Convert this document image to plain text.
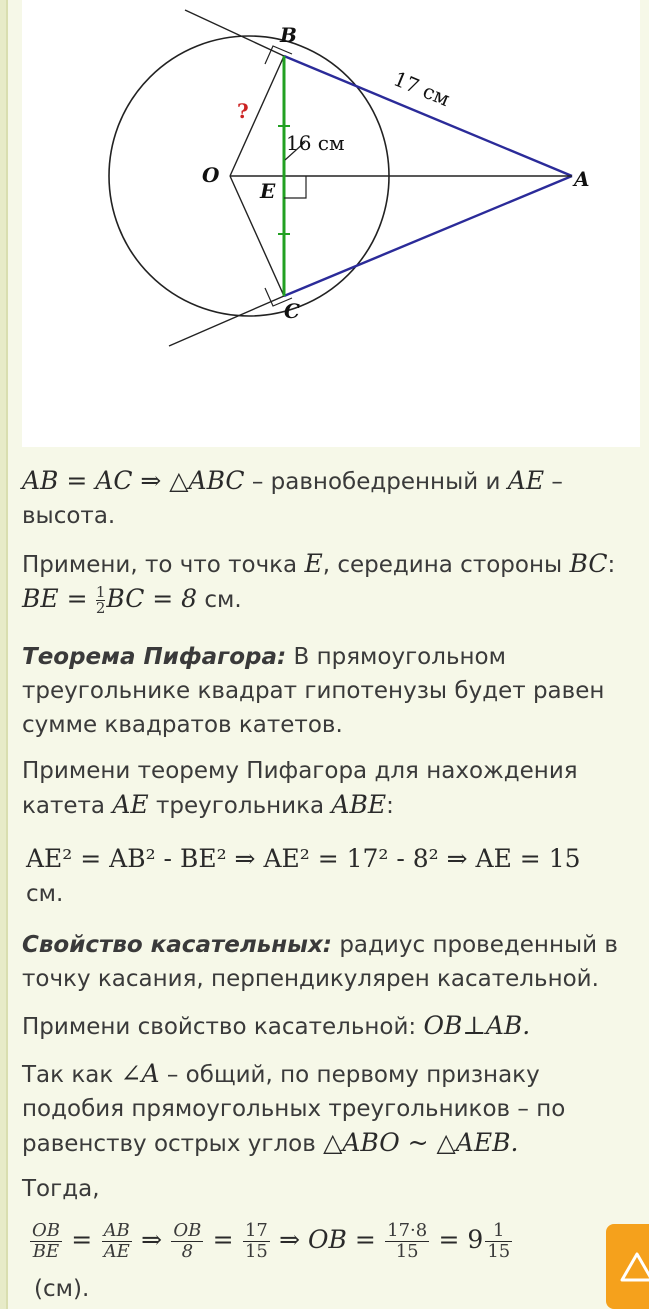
B
A
O
E
C
16 см
17 см
?

AB = AC ⇒ △ABC – равнобедренный и AE – высота.

Примени, то что точка E, середина стороны BC:
BE = $\frac{1}{2}BC = 8$ см.

Теорема Пифагора: В прямоугольном треугольнике квадрат гипотенузы будет равен сумме квадратов катетов.

Примени теорему Пифагора для нахождения катета AE треугольника ABE:

AE² = AB² - BE² ⇒ AE² = 17² - 8² ⇒ AE = 15
см.

Свойство касательных: радиус проведенный в точку касания, перпендикулярен касательной.

Примени свойство касательной: OB⊥AB.

Так как ∠A – общий, по первому признаку подобия прямоугольных треугольников – по равенству острых углов △ABO ~ △AEB.

Тогда,

$\frac{OB}{BE} = \frac{AB}{AE}$ ⇒ $\frac{OB}{8} = \frac{17}{15}$ ⇒ OB = $\frac{17\cdot 8}{15} = 9 \frac{1}{15}$

(см).
